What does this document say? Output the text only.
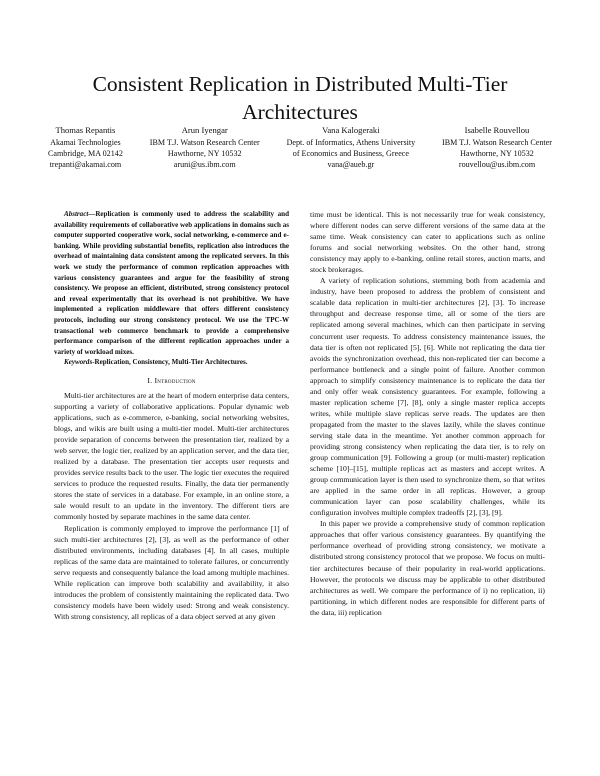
Consistent Replication in Distributed Multi-Tier Architectures
Thomas Repantis
Akamai Technologies
Cambridge, MA 02142
trepanti@akamai.com
Arun Iyengar
IBM T.J. Watson Research Center
Hawthorne, NY 10532
aruni@us.ibm.com
Vana Kalogeraki
Dept. of Informatics, Athens University
of Economics and Business, Greece
vana@aueb.gr
Isabelle Rouvellou
IBM T.J. Watson Research Center
Hawthorne, NY 10532
rouvellou@us.ibm.com

Abstract—Replication is commonly used to address the scalability and availability requirements of collaborative web applications in domains such as computer supported cooperative work, social networking, e-commerce and e-banking. While providing substantial benefits, replication also introduces the overhead of maintaining data consistent among the replicated servers. In this work we study the performance of common replication approaches with various consistency guarantees and argue for the feasibility of strong consistency. We propose an efficient, distributed, strong consistency protocol and reveal experimentally that its overhead is not prohibitive. We have implemented a replication middleware that offers different consistency protocols, including our strong consistency protocol. We use the TPC-W transactional web commerce benchmark to provide a comprehensive performance comparison of the different replication approaches under a variety of workload mixes.

Keywords-Replication, Consistency, Multi-Tier Architectures.

I. Introduction

Multi-tier architectures are at the heart of modern enterprise data centers, supporting a variety of collaborative applications. Popular dynamic web applications, such as e-commerce, e-banking, social networking websites, blogs, and wikis are built using a multi-tier model. Multi-tier architectures provide separation of concerns between the presentation tier, realized by a web server, the logic tier, realized by an application server, and the data tier, realized by a database. The presentation tier accepts user requests and provides service results back to the user. The logic tier executes the required services to produce the requested results. Finally, the data tier permanently stores the state of services in a database. For example, in an online store, a sale would result to an update in the inventory. The different tiers are commonly hosted by separate machines in the same data center.

Replication is commonly employed to improve the performance [1] of such multi-tier architectures [2], [3], as well as the performance of other distributed environments, including databases [4]. In all cases, multiple replicas of the same data are maintained to tolerate failures, or concurrently serve requests and consequently balance the load among multiple machines. While replication can improve both scalability and availability, it also introduces the problem of consistently maintaining the replicated data. Two consistency models have been widely used: Strong and weak consistency. With strong consistency, all replicas of a data object served at any given

time must be identical. This is not necessarily true for weak consistency, where different nodes can serve different versions of the same data at the same time. Weak consistency can cater to applications such as online forums and social networking websites. On the other hand, strong consistency may apply to e-banking, online retail stores, auction marts, and stock brokerages.

A variety of replication solutions, stemming both from academia and industry, have been proposed to address the problem of consistent and scalable data replication in multi-tier architectures [2], [3]. To increase throughput and decrease response time, all or some of the tiers are replicated among several machines, which can then participate in serving concurrent user requests. To address consistency maintenance issues, the data tier is often not replicated [5], [6]. While not replicating the data tier avoids the synchronization overhead, this non-replicated tier can become a performance bottleneck and a single point of failure. Another common approach to simplify consistency maintenance is to replicate the data tier and only offer weak consistency guarantees. For example, following a master replication scheme [7], [8], only a single master replica accepts writes, while multiple slave replicas serve reads. The updates are then propagated from the master to the slaves lazily, while the slaves continue serving stale data in the meantime. Yet another common approach for providing strong consistency when replicating the data tier, is to rely on group communication [9]. Following a group (or multi-master) replication scheme [10]–[15], multiple replicas act as masters and accept writes. A group communication layer is then used to synchronize them, so that writes are applied in the same order in all replicas. However, a group communication layer can pose scalability challenges, while its configuration involves multiple complex tradeoffs [2], [3], [9].

In this paper we provide a comprehensive study of common replication approaches that offer various consistency guarantees. By quantifying the performance overhead of providing strong consistency, we motivate a distributed strong consistency protocol that we propose. We focus on multi-tier architectures because of their popularity in real-world applications. However, the protocols we discuss may be applicable to other distributed architectures as well. We compare the performance of i) no replication, ii) partitioning, in which different nodes are responsible for different parts of the data, iii) replication
